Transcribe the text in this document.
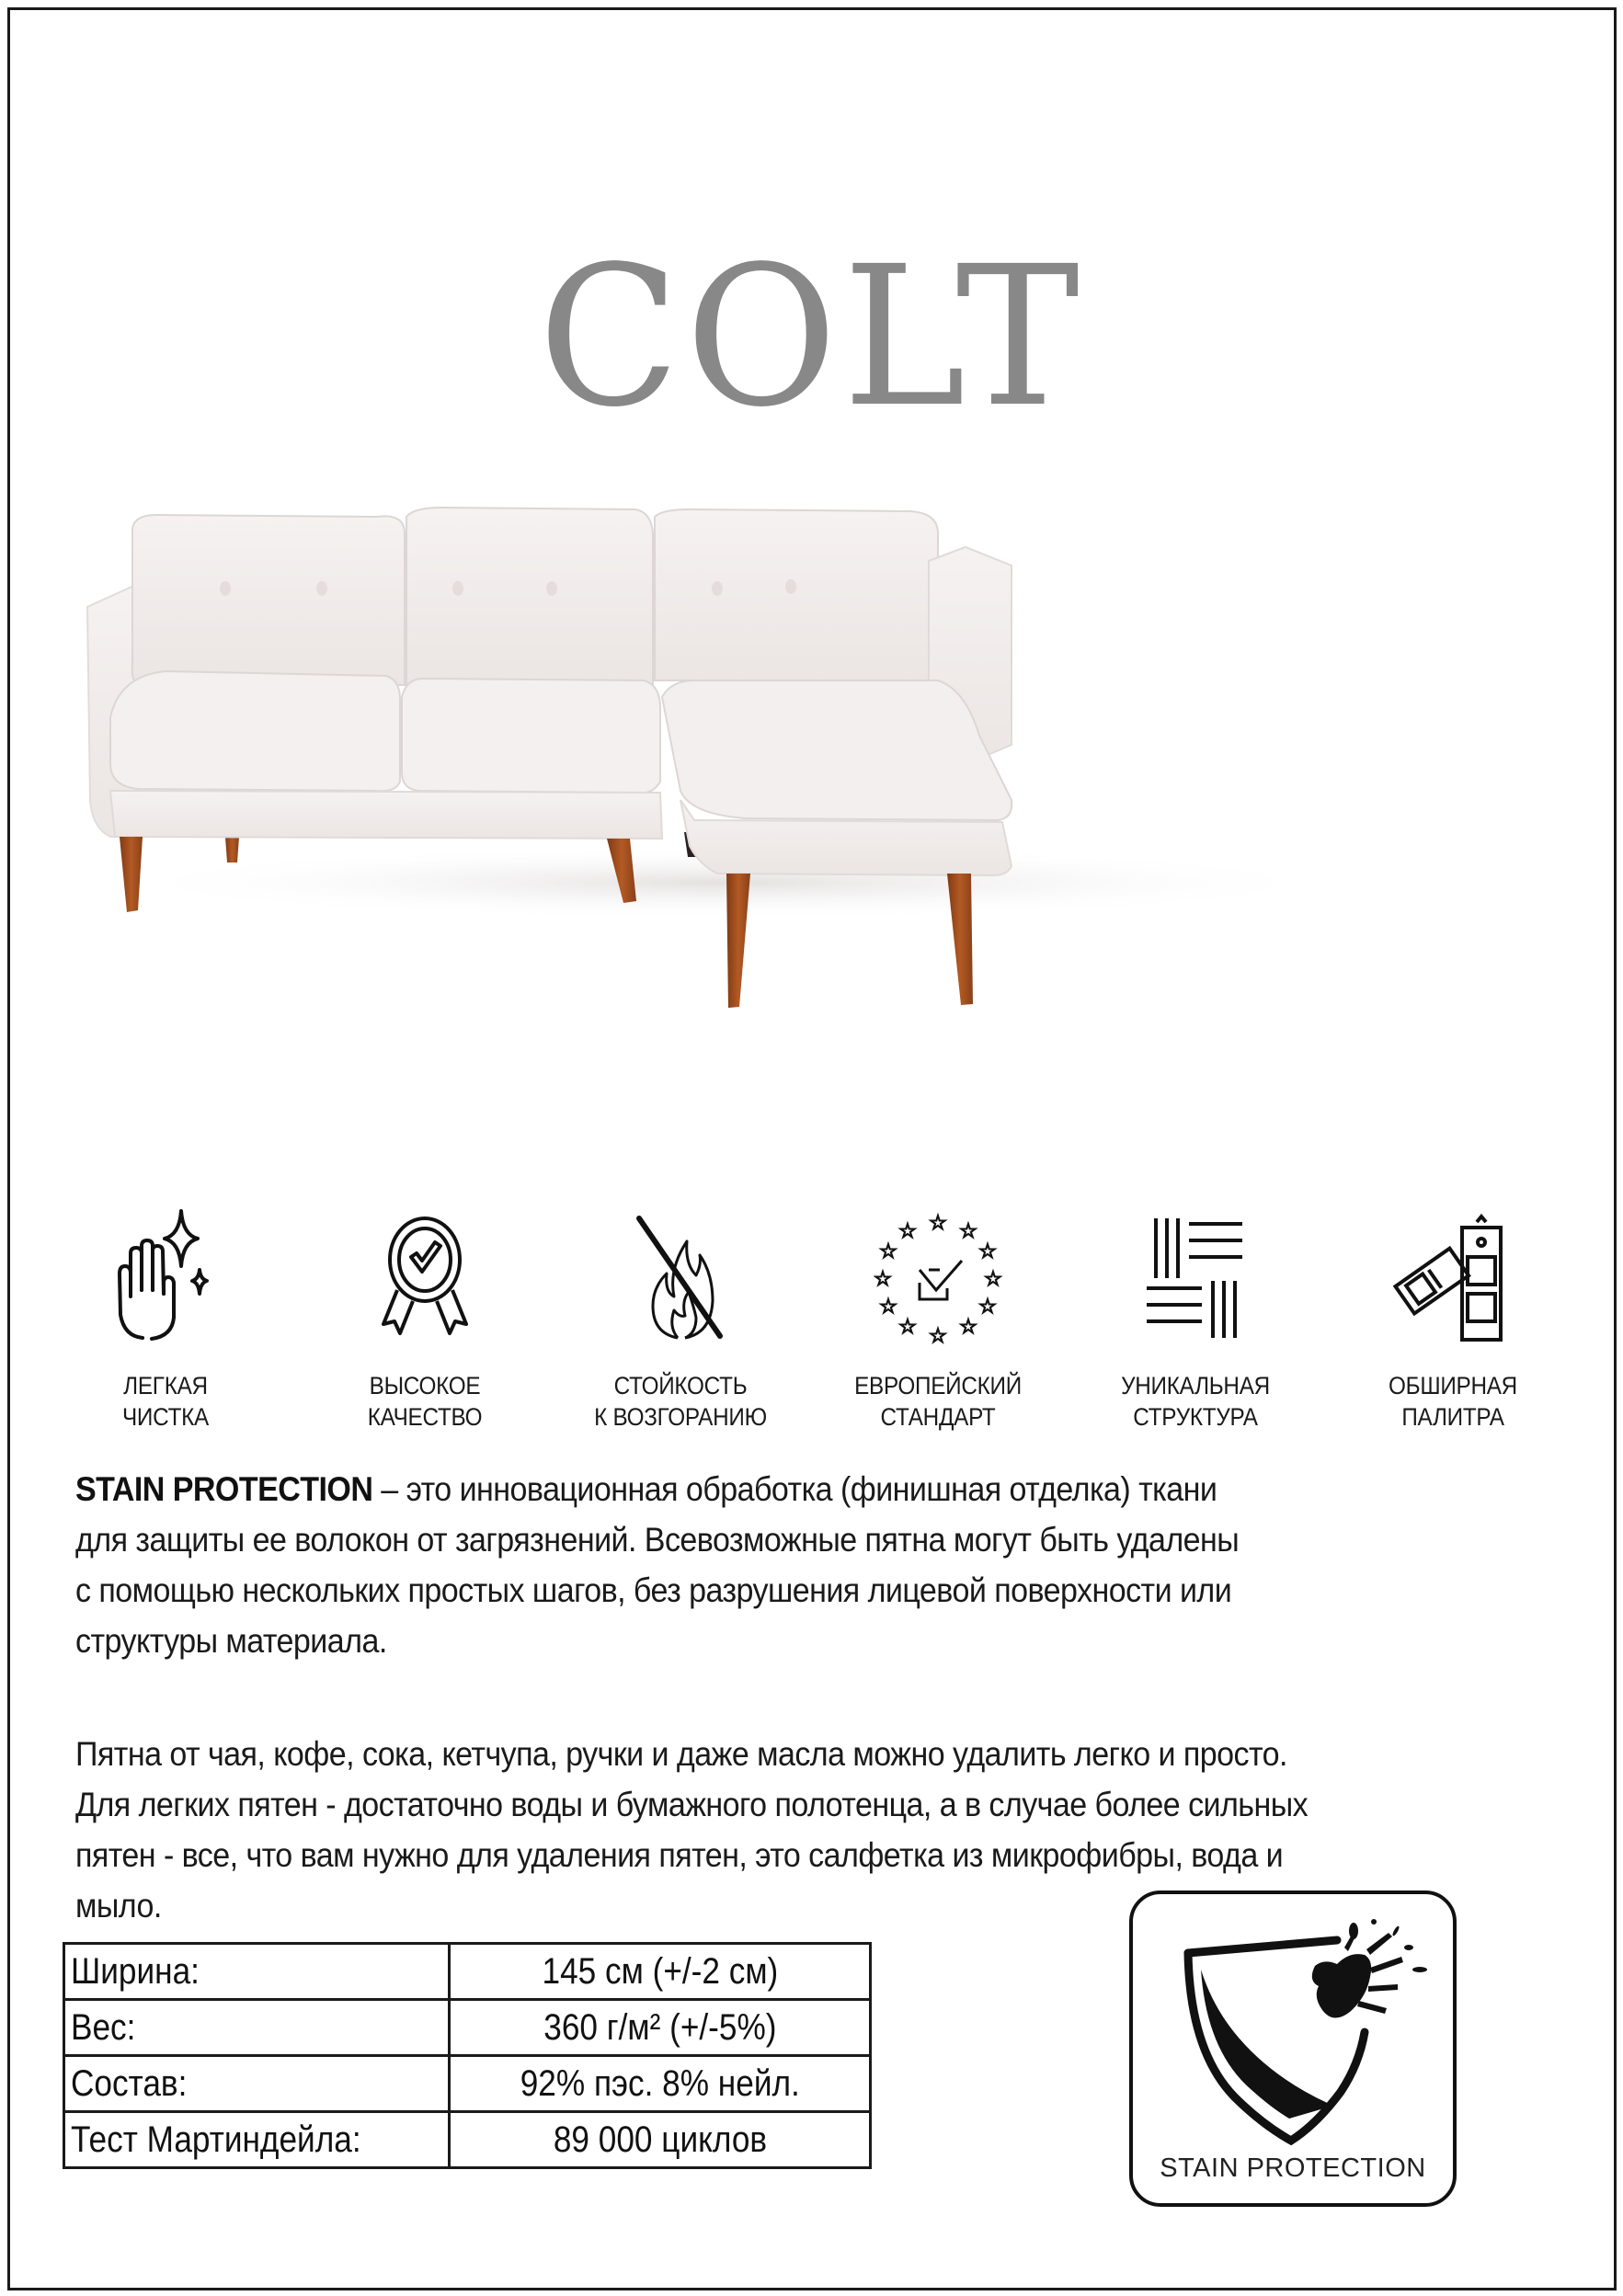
COLT
ЛЕГКАЯ
ЧИСТКА
ВЫСОКОЕ
КАЧЕСТВО
СТОЙКОСТЬ
К ВОЗГОРАНИЮ
☆ ☆
☆
☆
☆
☆
☆
☆
☆
☆
☆
☆
ЕВРОПЕЙСКИЙ
СТАНДАРТ
УНИКАЛЬНАЯ
СТРУКТУРА
ОБШИРНАЯ
ПАЛИТРА

STAIN PROTECTION – это инновационная обработка (финишная отделка) ткани

для защиты ее волокон от загрязнений. Всевозможные пятна могут быть удалены

с помощью нескольких простых шагов, без разрушения лицевой поверхности или

структуры материала.

Пятна от чая, кофе, сока, кетчупа, ручки и даже масла можно удалить легко и просто.

Для легких пятен - достаточно воды и бумажного полотенца, а в случае более сильных

пятен - все, что вам нужно для удаления пятен, это салфетка из микрофибры, вода и

мыло.

Ширина:	145 см (+/-2 см)
Вес:	360 г/м² (+/-5%)
Состав:	92% пэс. 8% нейл.
Тест Мартиндейла:	89 000 циклов
STAIN PROTECTION
